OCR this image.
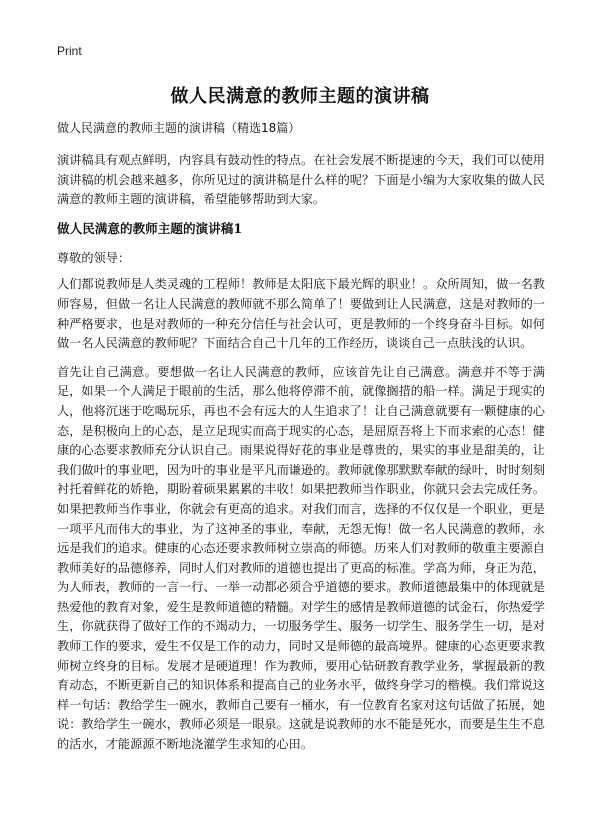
Print
做人民满意的教师主题的演讲稿
做人民满意的教师主题的演讲稿（精选18篇）

演讲稿具有观点鲜明，内容具有鼓动性的特点。在社会发展不断提速的今天，我们可以使用演讲稿的机会越来越多，你所见过的演讲稿是什么样的呢？下面是小编为大家收集的做人民满意的教师主题的演讲稿，希望能够帮助到大家。

做人民满意的教师主题的演讲稿1

尊敬的领导：

人们都说教师是人类灵魂的工程师！教师是太阳底下最光辉的职业！。众所周知，做一名教师容易，但做一名让人民满意的教师就不那么简单了！要做到让人民满意，这是对教师的一种严格要求，也是对教师的一种充分信任与社会认可，更是教师的一个终身奋斗目标。如何做一名人民满意的教师呢？下面结合自己十几年的工作经历，谈谈自己一点肤浅的认识。

首先让自己满意。要想做一名让人民满意的教师，应该首先让自己满意。满意并不等于满足，如果一个人满足于眼前的生活，那么他将停滞不前，就像搁措的船一样。满足于现实的人，他将沉迷于吃喝玩乐，再也不会有远大的人生追求了！让自己满意就要有一颗健康的心态，是积极向上的心态，是立足现实而高于现实的心态，是屈原吾将上下而求索的心态！健康的心态要求教师充分认识自己。雨果说得好花的事业是尊贵的，果实的事业是甜美的，让我们做叶的事业吧，因为叶的事业是平凡而谦逊的。教师就像那默默奉献的绿叶，时时刻刻衬托着鲜花的娇艳，期盼着硕果累累的丰收！如果把教师当作职业，你就只会去完成任务。如果把教师当作事业，你就会有更高的追求。对我们而言，选择的不仅仅是一个职业，更是一项平凡而伟大的事业，为了这神圣的事业，奉献，无怨无悔！做一名人民满意的教师，永远是我们的追求。健康的心态还要求教师树立崇高的师德。历来人们对教师的敬重主要源自教师美好的品德修养，同时人们对教师的道德也提出了更高的标准。学高为师，身正为范，为人师表，教师的一言一行、一举一动都必须合乎道德的要求。教师道德最集中的体现就是热爱他的教育对象，爱生是教师道德的精髓。对学生的感情是教师道德的试金石，你热爱学生，你就获得了做好工作的不竭动力，一切服务学生、服务一切学生、服务学生一切，是对教师工作的要求，爱生不仅是工作的动力，同时又是师德的最高境界。健康的心态更要求教师树立终身的目标。发展才是硬道理！作为教师，要用心钻研教育教学业务，掌握最新的教育动态，不断更新自己的知识体系和提高自己的业务水平，做终身学习的楷模。我们常说这样一句话：教给学生一碗水，教师自己要有一桶水，有一位教育名家对这句话做了拓展，她说：教给学生一碗水，教师必须是一眼泉。这就是说教师的水不能是死水，而要是生生不息的活水，才能源源不断地浇灌学生求知的心田。
